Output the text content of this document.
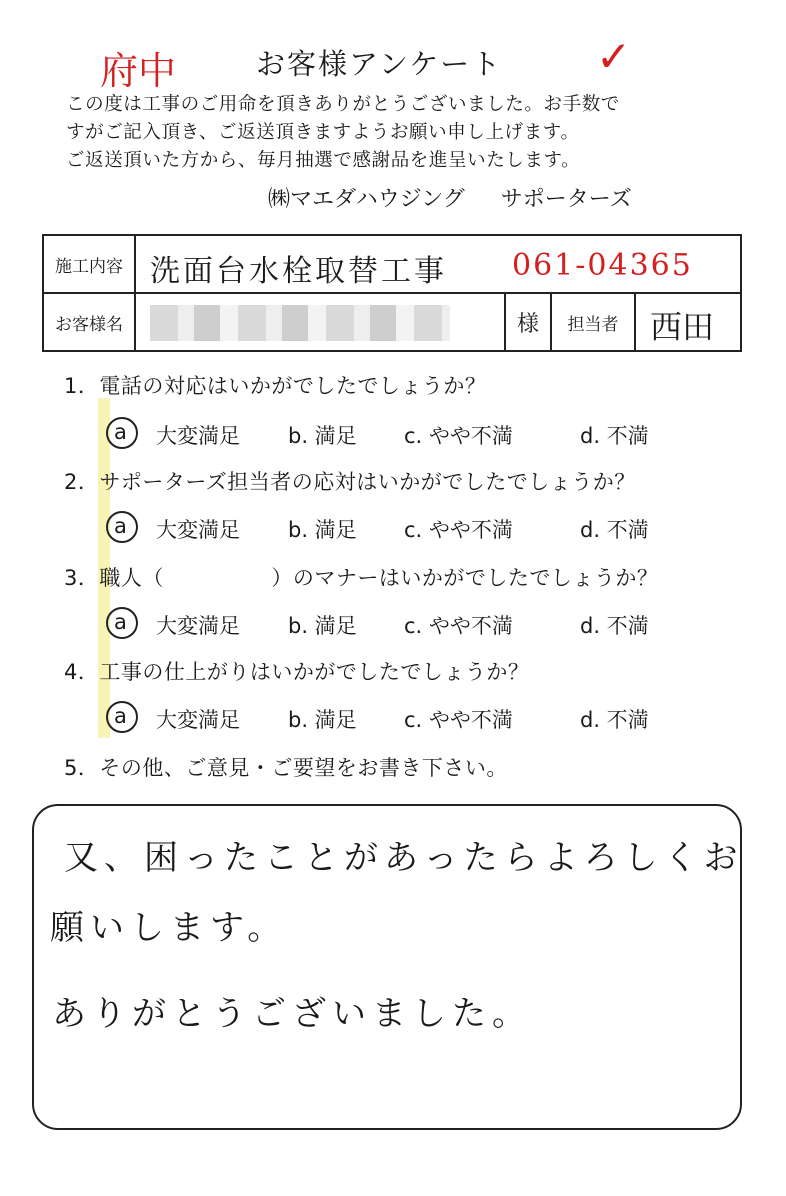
府中	✓
お客様アンケート
この度は工事のご用命を頂きありがとうございました。お手数で
すがご記入頂き、ご返送頂きますようお願い申し上げます。
ご返送頂いた方から、毎月抽選で感謝品を進呈いたします。
㈱マエダハウジング サポーターズ
施工内容	洗面台水栓取替工事 061-04365			

お客様名		様	担当者	西田
1．電話の対応はいかがでしたでしょうか？
a 大変満足 b. 満足 c. やや不満	d. 不満
2．サポーターズ担当者の応対はいかがでしたでしょうか？
a 大変満足 b. 満足 c. やや不満	d. 不満
3．職人（　　　　　）のマナーはいかがでしたでしょうか？
a 大変満足 b. 満足 c. やや不満	d. 不満
4．工事の仕上がりはいかがでしたでしょうか？
a 大変満足 b. 満足 c. やや不満	d. 不満
5．その他、ご意見・ご要望をお書き下さい。
又、困ったことがあったらよろしくお
願いします。
ありがとうございました。
